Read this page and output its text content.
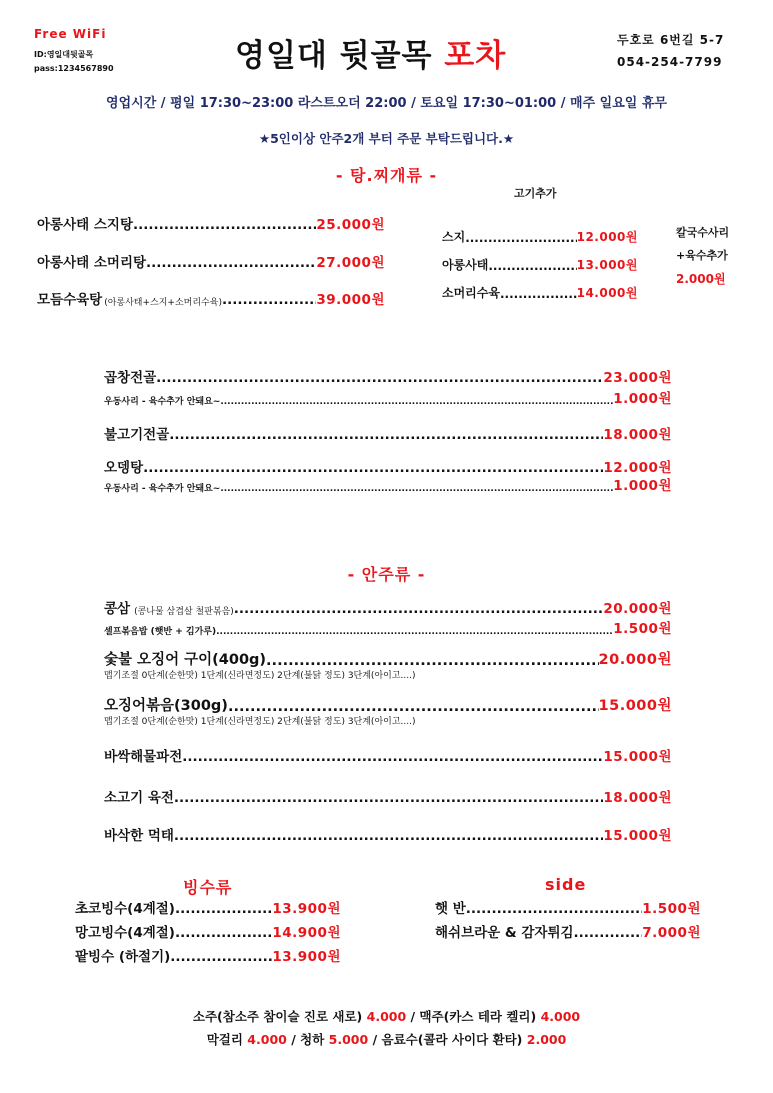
Free WiFi
ID:영일대뒷골목
pass:1234567890	영일대 뒷골목 포차	두호로 6번길 5-7
054-254-7799
영업시간 / 평일 17:30~23:00 라스트오더 22:00 / 토요일 17:30~01:00 / 매주 일요일 휴무
★5인이상 안주2개 부터 주문 부탁드립니다.★
- 탕.찌개류 -
아롱사태 스지탕 .....	25.000원
아롱사태 소머리탕 .....	27.000원
모듬수육탕 (아롱사태+스지+소머리수육) .....	39.000원
고기추가
스지 .....	12.000원
아롱사태 .....	13.000원
소머리수육 .....	14.000원
칼국수사리
+육수추가
2.000원
곱창전골 .....	23.000원
우동사리 - 육수추가 안돼요~ .....	1.000원
불고기전골 .....	18.000원
오뎅탕 .....	12.000원
우동사리 - 육수추가 안돼요~ .....	1.000원
- 안주류 -
콩삼 (콩나물 삼겹살 철판볶음) .....	20.000원
셀프볶음밥 (햇반 + 김가루) .....	1.500원
숯불 오징어 구이(400g) .....	20.000원
맵기조절 0단계(순한맛) 1단계(신라면정도) 2단계(불닭 정도) 3단계(아이고....)
오징어볶음(300g) .....	15.000원
맵기조절 0단계(순한맛) 1단계(신라면정도) 2단계(불닭 정도) 3단계(아이고....)
바싹해물파전 .....	15.000원
소고기 육전 .....	18.000원
바삭한 먹태 .....	15.000원
빙수류
초코빙수(4계절) .....	13.900원
망고빙수(4계절) .....	14.900원
팥빙수 (하절기) .....	13.900원
side
햇 반 .....	1.500원
해쉬브라운 & 감자튀김 .....	7.000원
소주(참소주 참이슬 진로 새로) 4.000 / 맥주(카스 테라 켈리) 4.000
막걸리 4.000 / 청하 5.000 / 음료수(콜라 사이다 환타) 2.000
